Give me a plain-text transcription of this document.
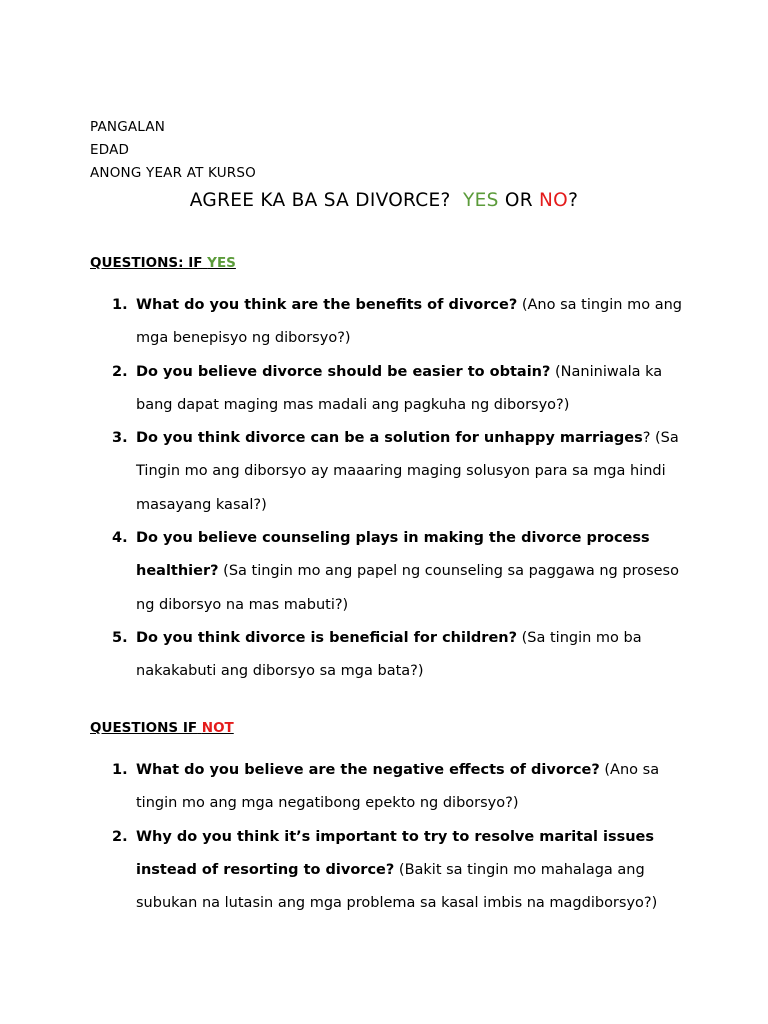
PANGALAN
EDAD
ANONG YEAR AT KURSO
AGREE KA BA SA DIVORCE? YES OR NO?
QUESTIONS: IF YES
1. What do you think are the benefits of divorce? (Ano sa tingin mo ang mga benepisyo ng diborsyo?)
2. Do you believe divorce should be easier to obtain? (Naniniwala ka bang dapat maging mas madali ang pagkuha ng diborsyo?)
3. Do you think divorce can be a solution for unhappy marriages? (Sa Tingin mo ang diborsyo ay maaaring maging solusyon para sa mga hindi masayang kasal?)
4. Do you believe counseling plays in making the divorce process healthier? (Sa tingin mo ang papel ng counseling sa paggawa ng proseso ng diborsyo na mas mabuti?)
5. Do you think divorce is beneficial for children? (Sa tingin mo ba nakakabuti ang diborsyo sa mga bata?)
QUESTIONS IF NOT
1. What do you believe are the negative effects of divorce? (Ano sa tingin mo ang mga negatibong epekto ng diborsyo?)
2. Why do you think it’s important to try to resolve marital issues instead of resorting to divorce? (Bakit sa tingin mo mahalaga ang subukan na lutasin ang mga problema sa kasal imbis na magdiborsyo?)
